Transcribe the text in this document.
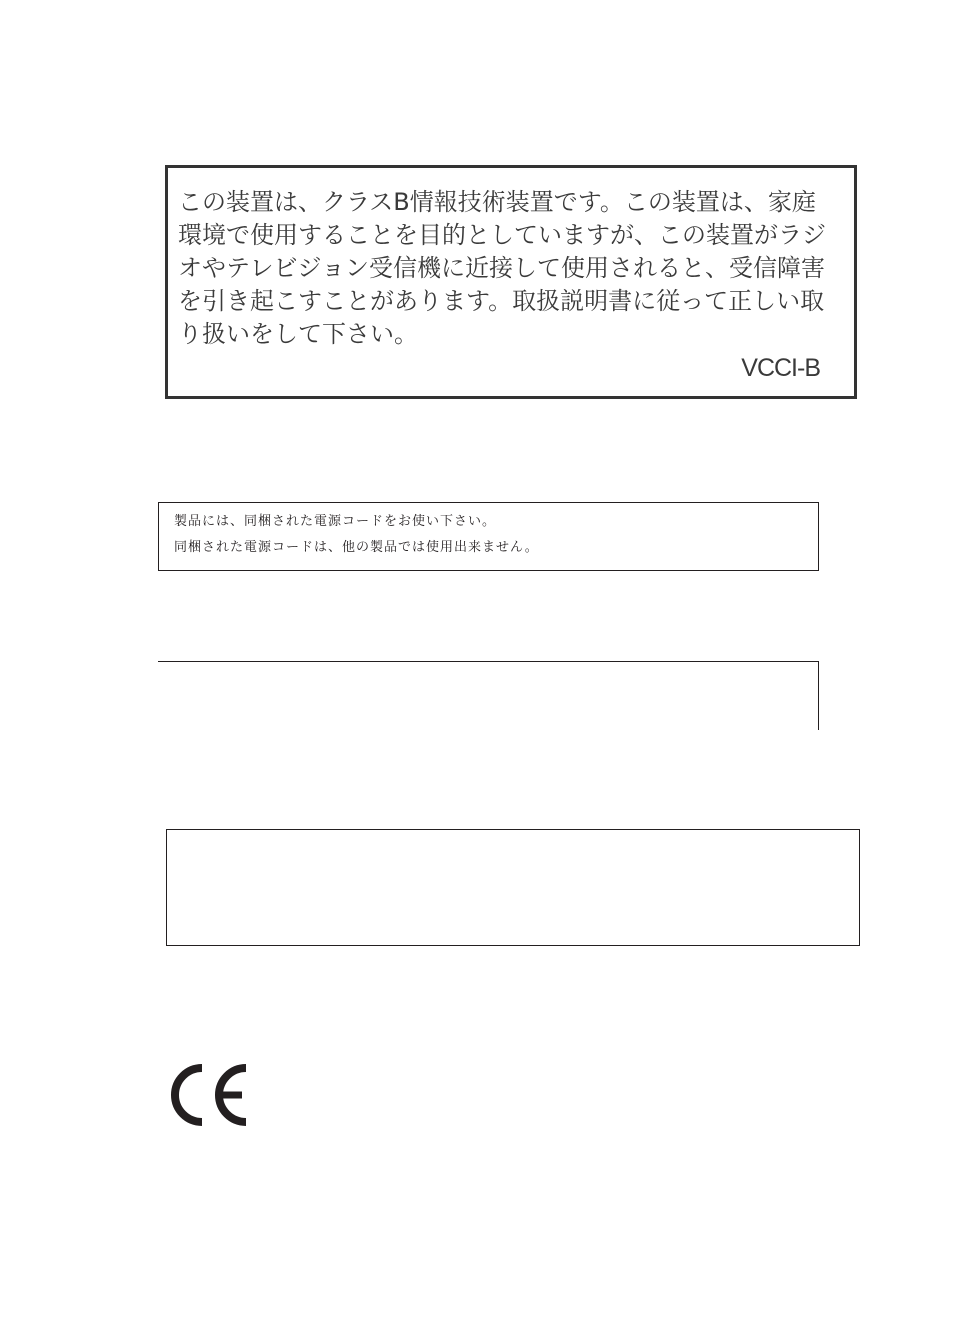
この装置は、クラスB情報技術装置です。この装置は、家庭環境で使用することを目的としていますが、この装置がラジオやテレビジョン受信機に近接して使用されると、受信障害を引き起こすことがあります。取扱説明書に従って正しい取り扱いをして下さい。
VCCI-B
製品には、同梱された電源コードをお使い下さい。
同梱された電源コードは、他の製品では使用出来ません。
